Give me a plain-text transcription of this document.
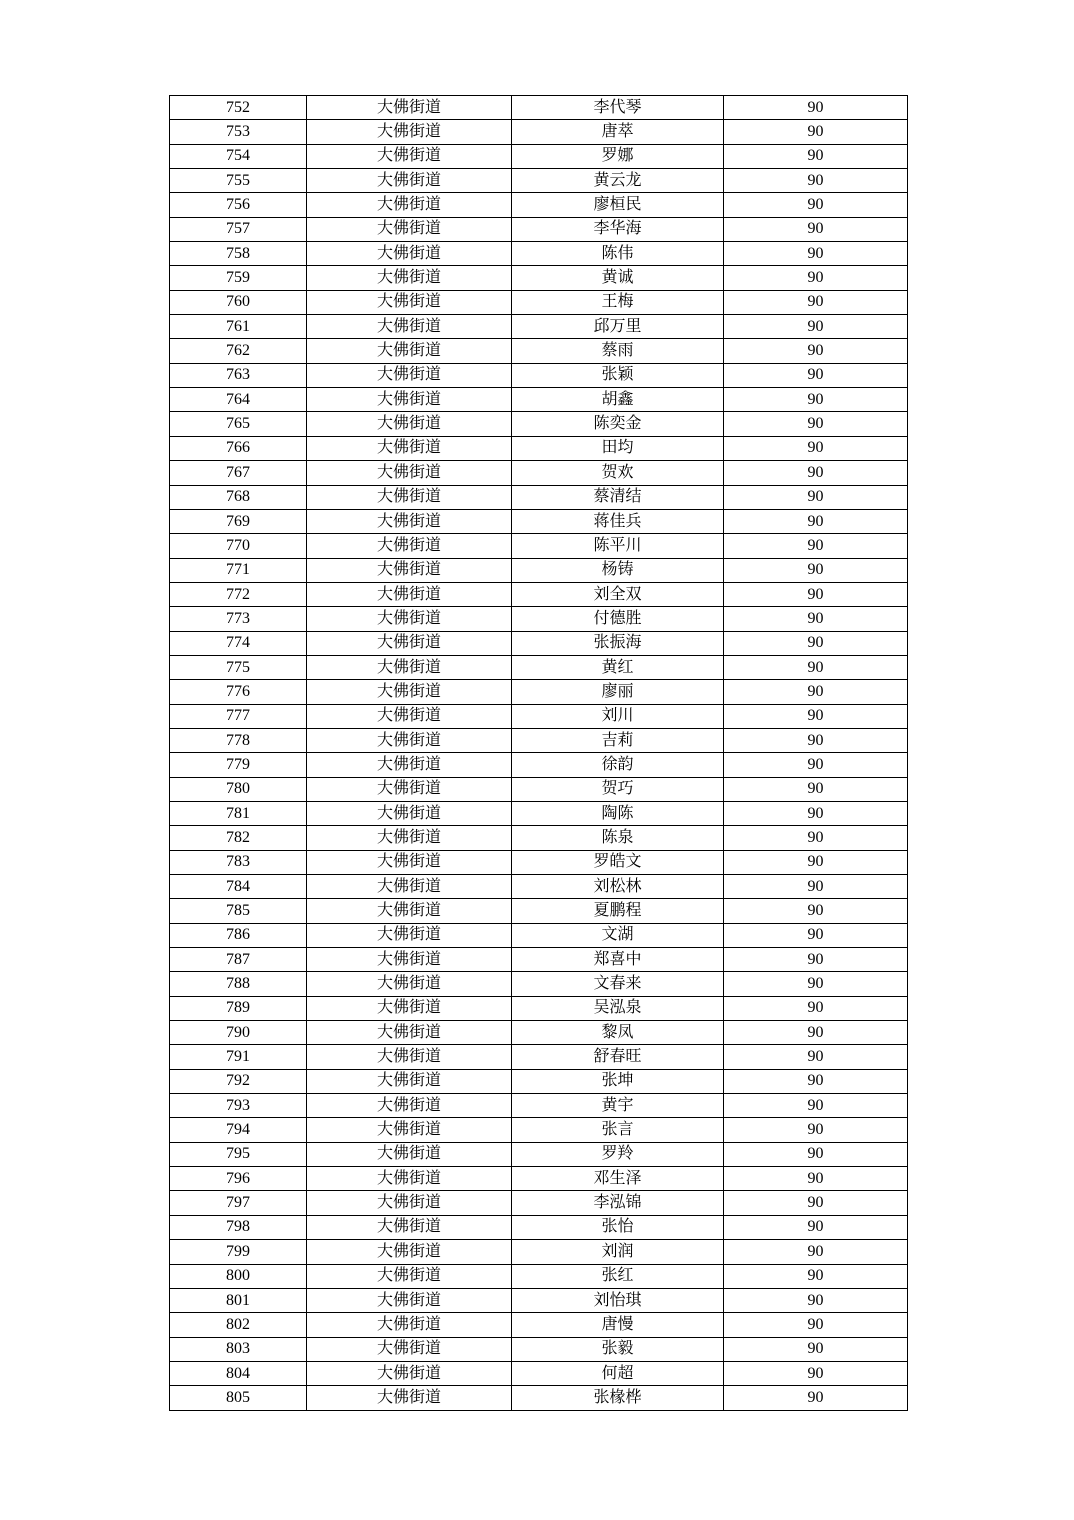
752	大佛街道	李代琴	90
753	大佛街道	唐萃	90
754	大佛街道	罗娜	90
755	大佛街道	黄云龙	90
756	大佛街道	廖桓民	90
757	大佛街道	李华海	90
758	大佛街道	陈伟	90
759	大佛街道	黄诚	90
760	大佛街道	王梅	90
761	大佛街道	邱万里	90
762	大佛街道	蔡雨	90
763	大佛街道	张颖	90
764	大佛街道	胡鑫	90
765	大佛街道	陈奕金	90
766	大佛街道	田均	90
767	大佛街道	贺欢	90
768	大佛街道	蔡清结	90
769	大佛街道	蒋佳兵	90
770	大佛街道	陈平川	90
771	大佛街道	杨铸	90
772	大佛街道	刘全双	90
773	大佛街道	付德胜	90
774	大佛街道	张振海	90
775	大佛街道	黄红	90
776	大佛街道	廖丽	90
777	大佛街道	刘川	90
778	大佛街道	吉莉	90
779	大佛街道	徐韵	90
780	大佛街道	贺巧	90
781	大佛街道	陶陈	90
782	大佛街道	陈泉	90
783	大佛街道	罗皓文	90
784	大佛街道	刘松林	90
785	大佛街道	夏鹏程	90
786	大佛街道	文湖	90
787	大佛街道	郑喜中	90
788	大佛街道	文春来	90
789	大佛街道	吴泓泉	90
790	大佛街道	黎凤	90
791	大佛街道	舒春旺	90
792	大佛街道	张坤	90
793	大佛街道	黄宇	90
794	大佛街道	张言	90
795	大佛街道	罗羚	90
796	大佛街道	邓生泽	90
797	大佛街道	李泓锦	90
798	大佛街道	张怡	90
799	大佛街道	刘润	90
800	大佛街道	张红	90
801	大佛街道	刘怡琪	90
802	大佛街道	唐慢	90
803	大佛街道	张毅	90
804	大佛街道	何超	90
805	大佛街道	张椽桦	90
